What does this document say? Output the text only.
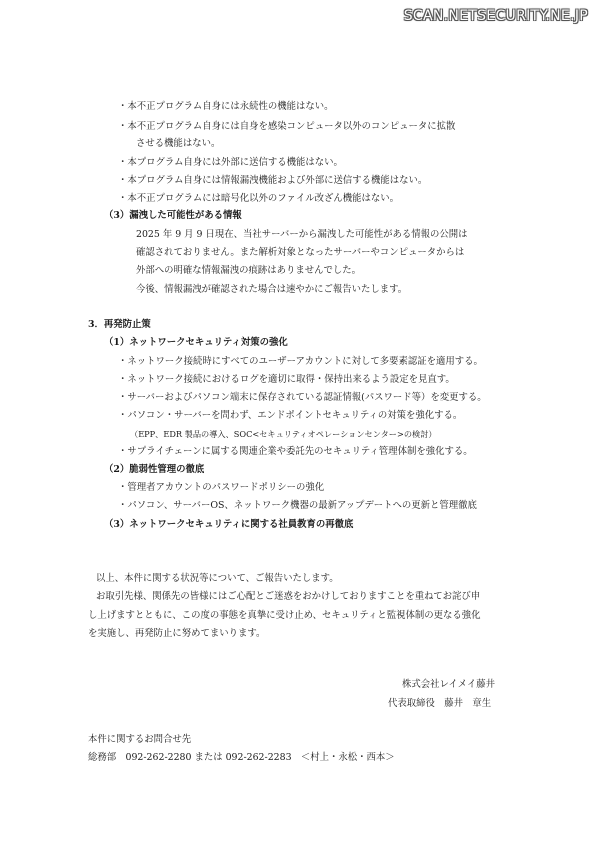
SCAN.NETSECURITY.NE.JP
・本不正プログラム自身には永続性の機能はない。
・本不正プログラム自身には自身を感染コンピュータ以外のコンピュータに拡散
させる機能はない。
・本プログラム自身には外部に送信する機能はない。
・本プログラム自身には情報漏洩機能および外部に送信する機能はない。
・本不正プログラムには暗号化以外のファイル改ざん機能はない。
（3）漏洩した可能性がある情報
2025 年 9 月 9 日現在、当社サーバーから漏洩した可能性がある情報の公開は
確認されておりません。また解析対象となったサーバーやコンピュータからは
外部への明確な情報漏洩の痕跡はありませんでした。
今後、情報漏洩が確認された場合は速やかにご報告いたします。
3．再発防止策
（1）ネットワークセキュリティ対策の強化
・ネットワーク接続時にすべてのユーザーアカウントに対して多要素認証を適用する。
・ネットワーク接続におけるログを適切に取得・保持出来るよう設定を見直す。
・サーバーおよびパソコン端末に保存されている認証情報(パスワード等）を変更する。
・パソコン・サーバーを問わず、エンドポイントセキュリティの対策を強化する。
（EPP、EDR 製品の導入、SOC<セキュリティオペレーションセンター>の検討）
・サプライチェーンに属する関連企業や委託先のセキュリティ管理体制を強化する。
（2）脆弱性管理の徹底
・管理者アカウントのパスワードポリシーの強化
・パソコン、サーバーOS、ネットワーク機器の最新アップデートへの更新と管理徹底
（3）ネットワークセキュリティに関する社員教育の再徹底
以上、本件に関する状況等について、ご報告いたします。
お取引先様、関係先の皆様にはご心配とご迷惑をおかけしておりますことを重ねてお詫び申
し上げますとともに、この度の事態を真摯に受け止め、セキュリティと監視体制の更なる強化
を実施し、再発防止に努めてまいります。
株式会社レイメイ藤井
代表取締役　藤井　章生
本件に関するお問合せ先
総務部　092-262-2280 または 092-262-2283　＜村上・永松・西本＞
